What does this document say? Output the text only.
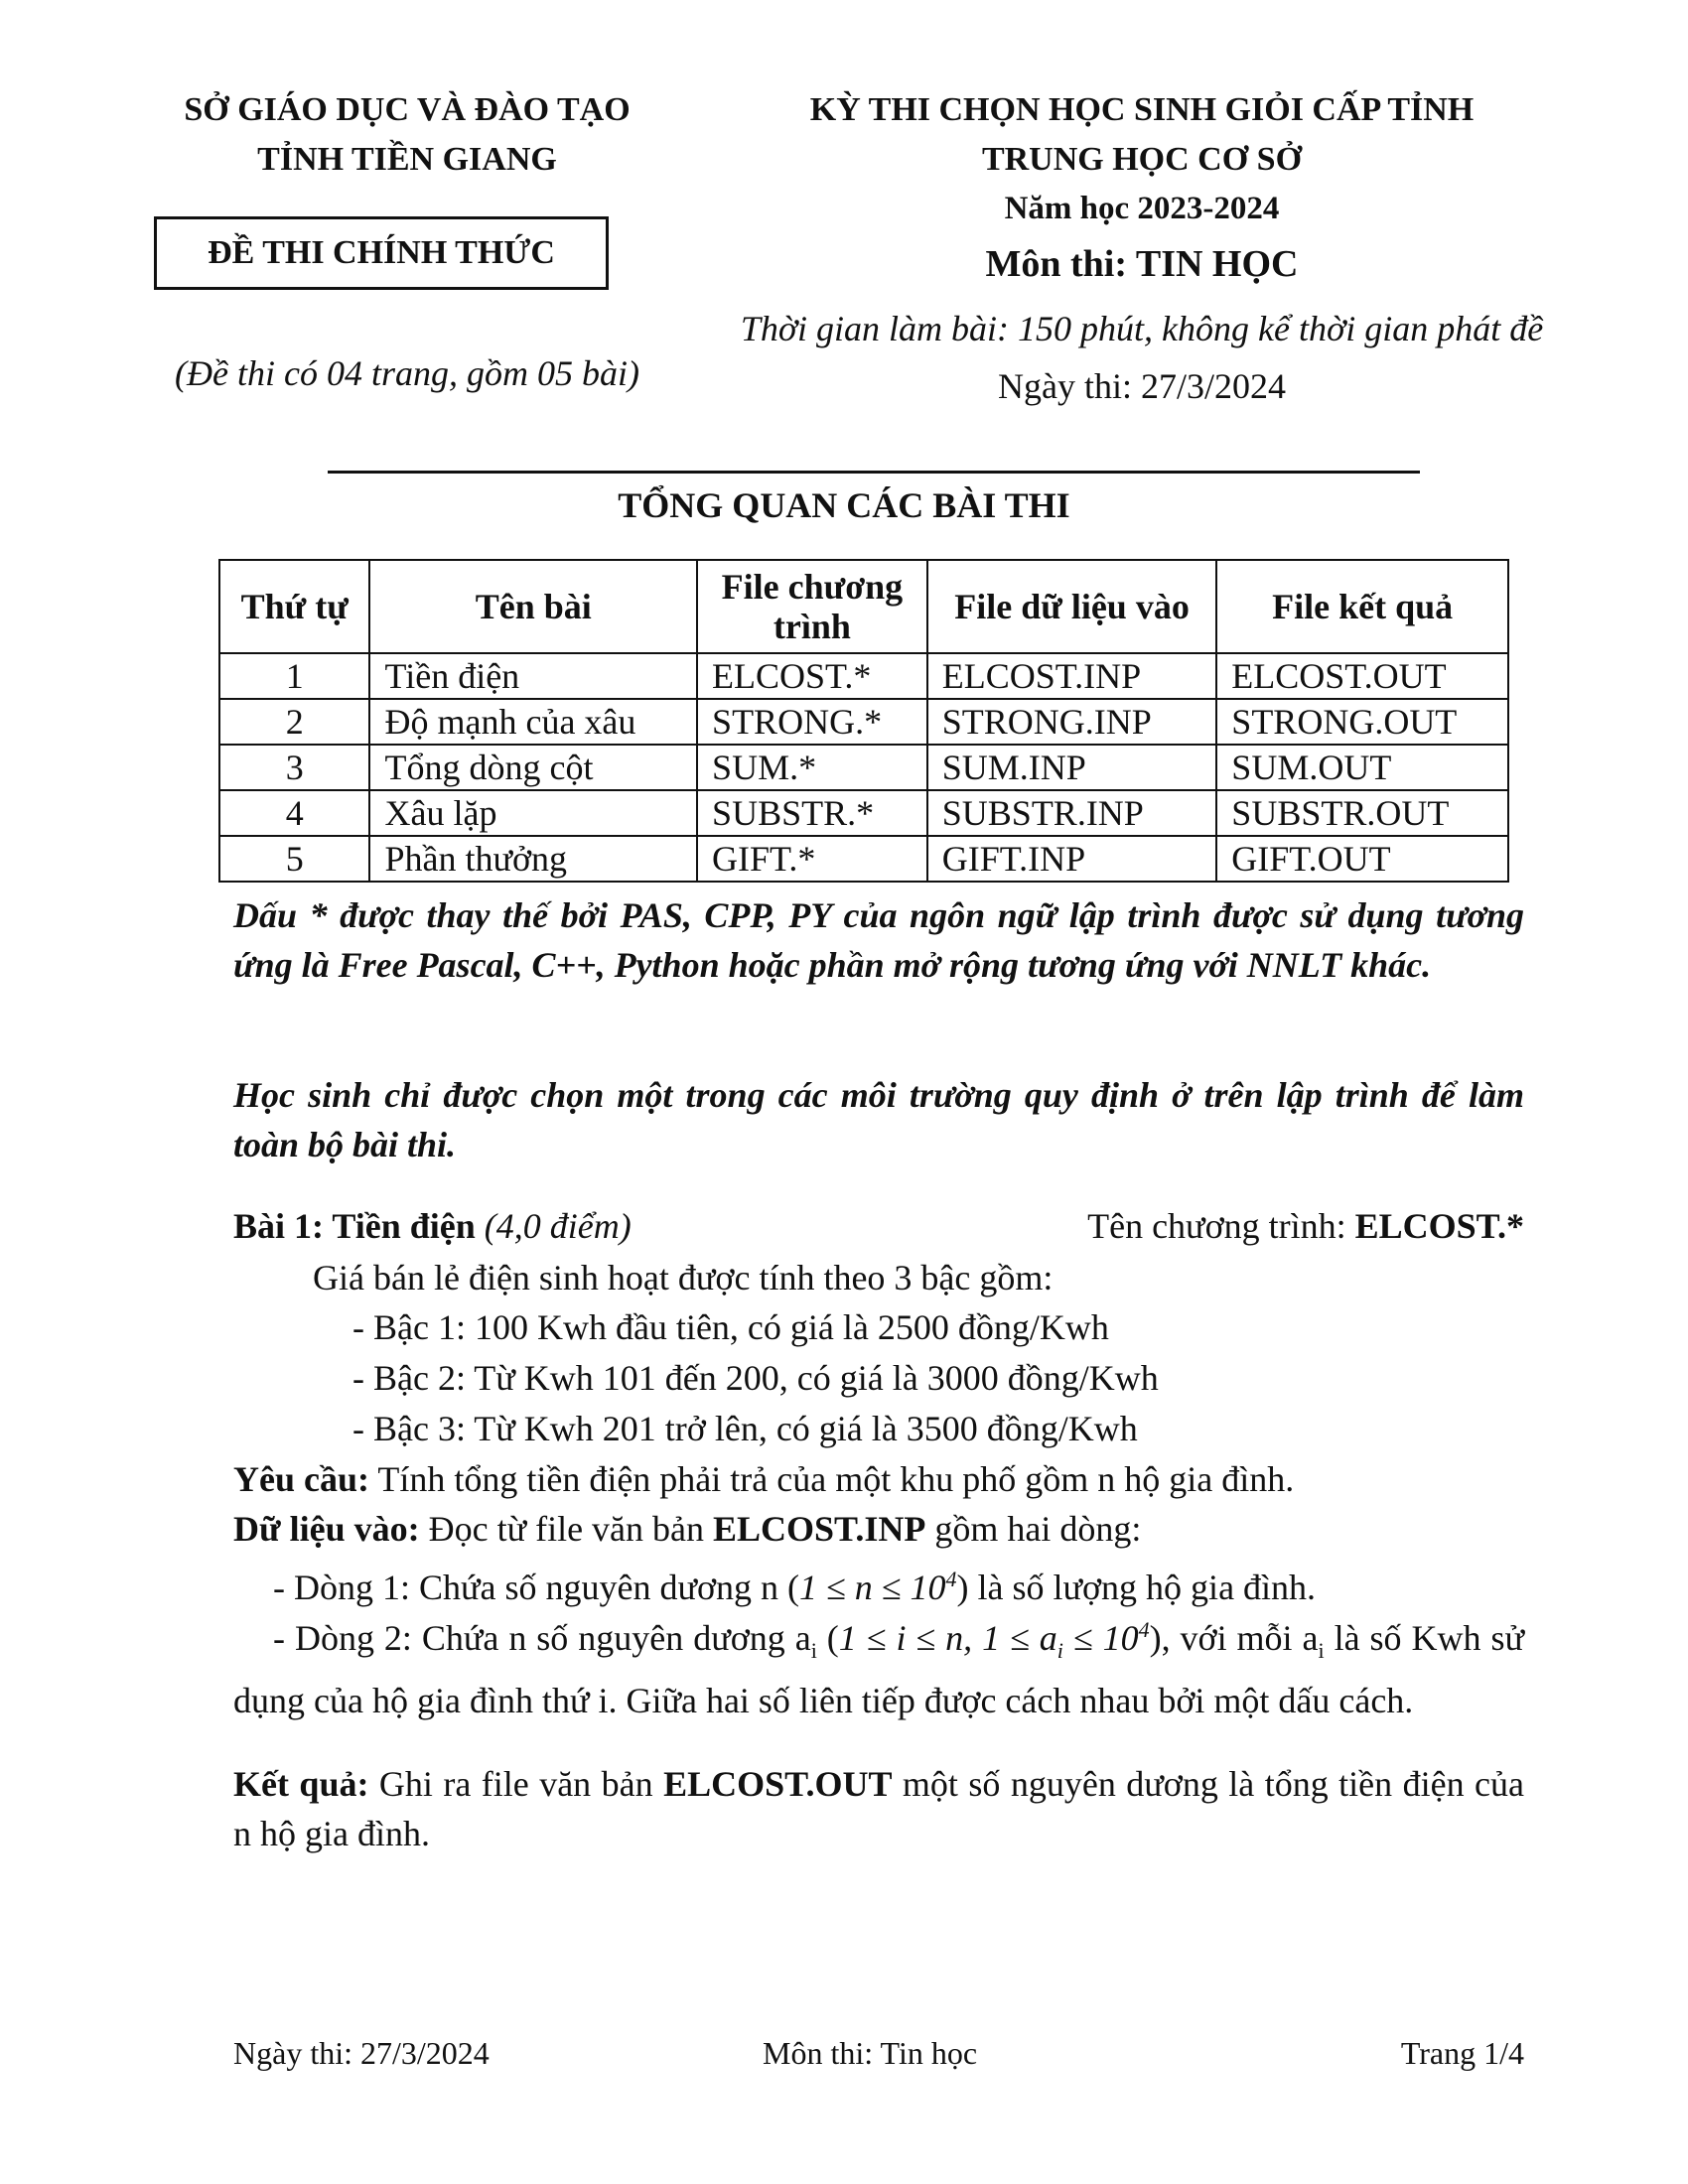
SỞ GIÁO DỤC VÀ ĐÀO TẠO
TỈNH TIỀN GIANG
ĐỀ THI CHÍNH THỨC
(Đề thi có 04 trang, gồm 05 bài)
KỲ THI CHỌN HỌC SINH GIỎI CẤP TỈNH
TRUNG HỌC CƠ SỞ
Năm học 2023-2024
Môn thi: TIN HỌC
Thời gian làm bài: 150 phút, không kể thời gian phát đề
Ngày thi: 27/3/2024
TỔNG QUAN CÁC BÀI THI
Thứ tự	Tên bài	File chương trình	File dữ liệu vào	File kết quả
1	Tiền điện	ELCOST.*	ELCOST.INP	ELCOST.OUT
2	Độ mạnh của xâu	STRONG.*	STRONG.INP	STRONG.OUT
3	Tổng dòng cột	SUM.*	SUM.INP	SUM.OUT
4	Xâu lặp	SUBSTR.*	SUBSTR.INP	SUBSTR.OUT
5	Phần thưởng	GIFT.*	GIFT.INP	GIFT.OUT
Dấu * được thay thế bởi PAS, CPP, PY của ngôn ngữ lập trình được sử dụng tương ứng là Free Pascal, C++, Python hoặc phần mở rộng tương ứng với NNLT khác.
Học sinh chỉ được chọn một trong các môi trường quy định ở trên lập trình để làm toàn bộ bài thi.
Bài 1: Tiền điện (4,0 điểm)	Tên chương trình: ELCOST.*
Giá bán lẻ điện sinh hoạt được tính theo 3 bậc gồm:
- Bậc 1: 100 Kwh đầu tiên, có giá là 2500 đồng/Kwh
- Bậc 2: Từ Kwh 101 đến 200, có giá là 3000 đồng/Kwh
- Bậc 3: Từ Kwh 201 trở lên, có giá là 3500 đồng/Kwh
Yêu cầu: Tính tổng tiền điện phải trả của một khu phố gồm n hộ gia đình.
Dữ liệu vào: Đọc từ file văn bản ELCOST.INP gồm hai dòng:
- Dòng 1: Chứa số nguyên dương n $(1 \le n \le 10^4)$ là số lượng hộ gia đình.
- Dòng 2: Chứa n số nguyên dương $a_i$ (1 ≤ i ≤ n, $1 \le a_i \le 10^4$), với mỗi $a_i$ là số Kwh sử dụng của hộ gia đình thứ i. Giữa hai số liên tiếp được cách nhau bởi một dấu cách.
Kết quả: Ghi ra file văn bản ELCOST.OUT một số nguyên dương là tổng tiền điện của n hộ gia đình.
Ngày thi: 27/3/2024	Môn thi: Tin học	Trang 1/4
